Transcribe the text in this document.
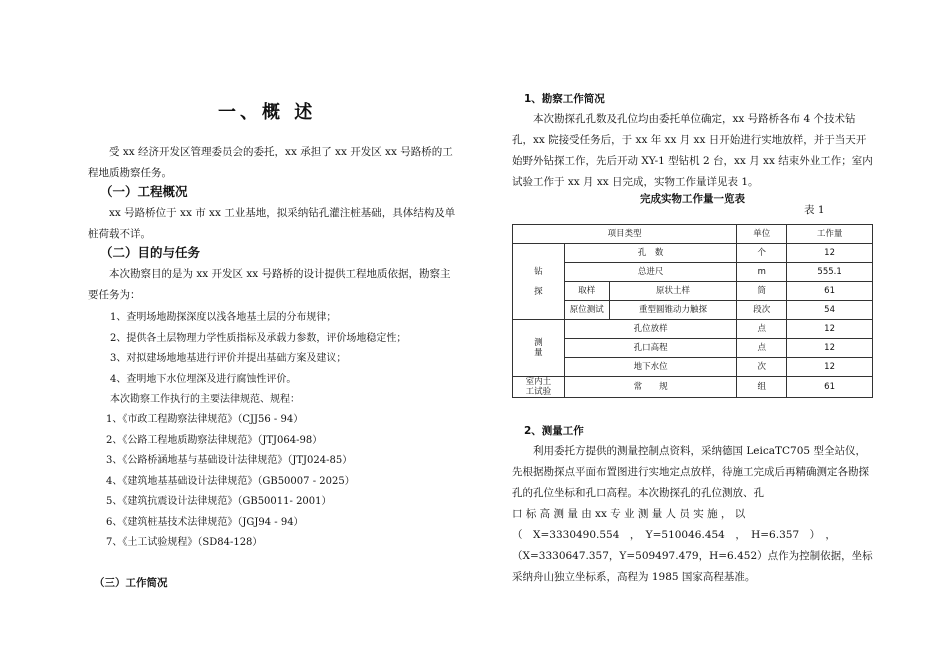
一、概 述
受 xx 经济开发区管理委员会的委托，xx 承担了 xx 开发区 xx 号路桥的工程地质勘察任务。
（一）工程概况
xx 号路桥位于 xx 市 xx 工业基地，拟采纳钻孔灌注桩基础，具体结构及单桩荷载不详。
（二）目的与任务
本次勘察目的是为 xx 开发区 xx 号路桥的设计提供工程地质依据，勘察主要任务为：
1、查明场地勘探深度以浅各地基土层的分布规律；
2、提供各土层物理力学性质指标及承载力参数，评价场地稳定性；
3、对拟建场地地基进行评价并提出基础方案及建议；
4、查明地下水位埋深及进行腐蚀性评价。
本次勘察工作执行的主要法律规范、规程：
1、《市政工程勘察法律规范》（CJJ56 - 94）
2、《公路工程地质勘察法律规范》（JTJ064-98）
3、《公路桥涵地基与基础设计法律规范》（JTJ024-85）
4、《建筑地基基础设计法律规范》（GB50007 - 2025）
5、《建筑抗震设计法律规范》（GB50011- 2001）
6、《建筑桩基技术法律规范》（JGJ94 - 94）
7、《土工试验规程》（SD84-128）
（三）工作简况
1、勘察工作简况
本次勘探孔孔数及孔位均由委托单位确定，xx 号路桥各布 4 个技术钻孔，xx 院接受任务后，于 xx 年 xx 月 xx 日开始进行实地放样，并于当天开始野外钻探工作，先后开动 XY-1 型钻机 2 台，xx 月 xx 结束外业工作；室内试验工作于 xx 月 xx 日完成，实物工作量详见表 1。
完成实物工作量一览表
表 1
项目类型			单位	工作量
钻

探	孔　数		个	12
	总进尺		m	555.1
	取样	原状土样	筒	61
	原位测试	重型圆锥动力触探	段次	54
测
量	孔位放样		点	12
	孔口高程		点	12
	地下水位		次	12
室内土
工试验	常　　规		组	61
2、测量工作
利用委托方提供的测量控制点资料，采纳德国 LeicaTC705 型全站仪，先根据勘探点平面布置图进行实地定点放样，待施工完成后再精确测定各勘探孔的孔位坐标和孔口高程。本次勘探孔的孔位测放、孔
口 标 高 测 量 由 xx 专 业 测 量 人 员 实 施 ， 以
（　X=3330490.554　，　Y=510046.454　，　H=6.357　）　，
（X=3330647.357，Y=509497.479，H=6.452）点作为控制依据，坐标采纳舟山独立坐标系，高程为 1985 国家高程基准。
